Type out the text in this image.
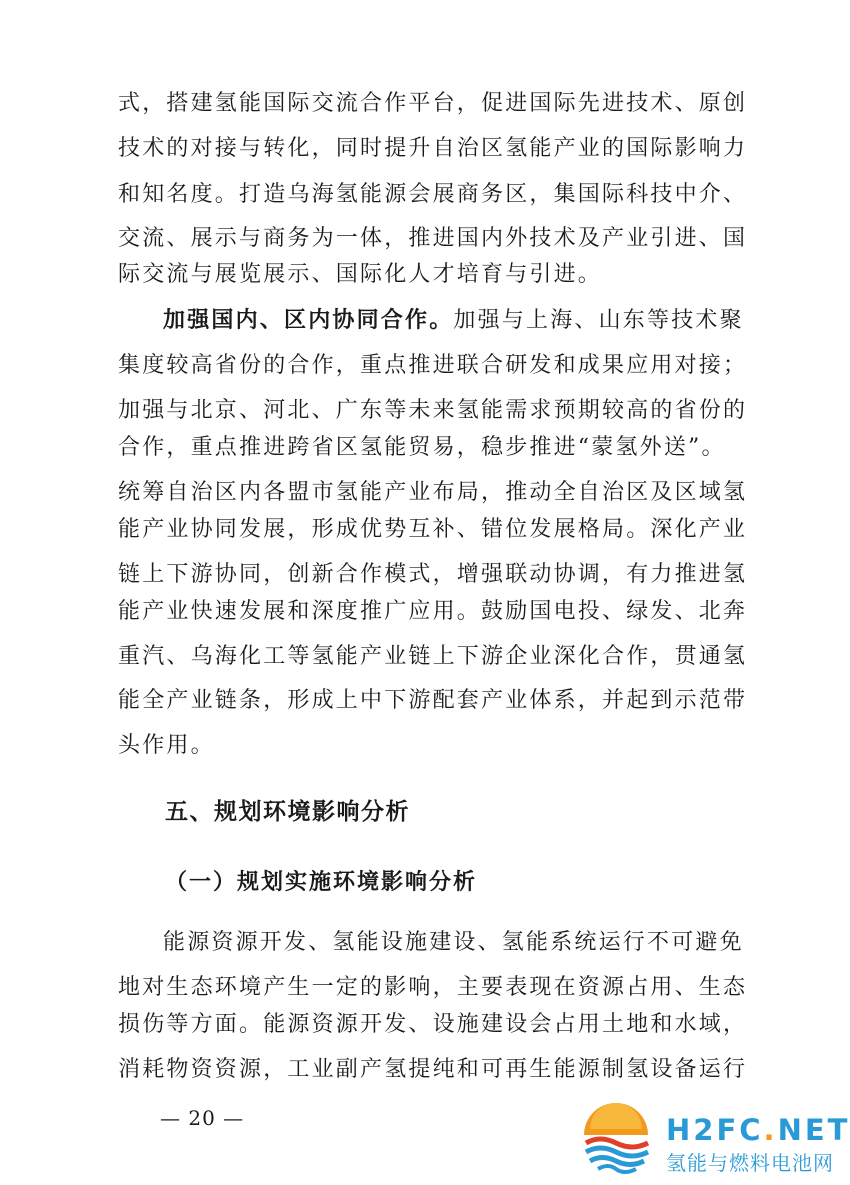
式，搭建氢能国际交流合作平台，促进国际先进技术、原创
技术的对接与转化，同时提升自治区氢能产业的国际影响力
和知名度。打造乌海氢能源会展商务区，集国际科技中介、
交流、展示与商务为一体，推进国内外技术及产业引进、国
际交流与展览展示、国际化人才培育与引进。
加强国内、区内协同合作。加强与上海、山东等技术聚
集度较高省份的合作，重点推进联合研发和成果应用对接；
加强与北京、河北、广东等未来氢能需求预期较高的省份的
合作，重点推进跨省区氢能贸易，稳步推进“蒙氢外送”。
统筹自治区内各盟市氢能产业布局，推动全自治区及区域氢
能产业协同发展，形成优势互补、错位发展格局。深化产业
链上下游协同，创新合作模式，增强联动协调，有力推进氢
能产业快速发展和深度推广应用。鼓励国电投、绿发、北奔
重汽、乌海化工等氢能产业链上下游企业深化合作，贯通氢
能全产业链条，形成上中下游配套产业体系，并起到示范带
头作用。
五、规划环境影响分析
（一）规划实施环境影响分析
能源资源开发、氢能设施建设、氢能系统运行不可避免
地对生态环境产生一定的影响，主要表现在资源占用、生态
损伤等方面。能源资源开发、设施建设会占用土地和水域，
消耗物资资源，工业副产氢提纯和可再生能源制氢设备运行
— 20 —	H2FC.NET
氢能与燃料电池网
